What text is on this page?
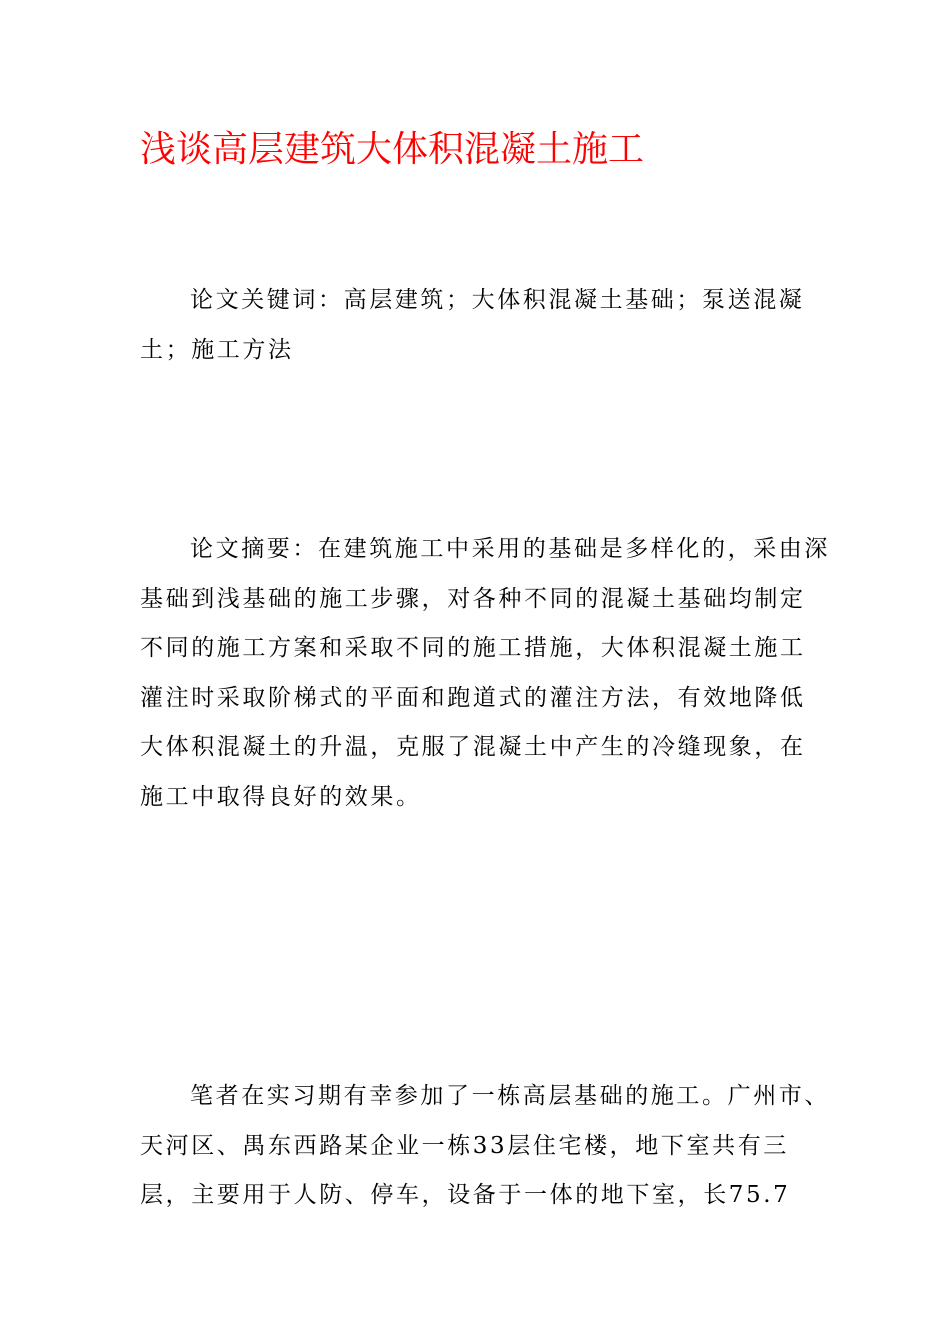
浅谈高层建筑大体积混凝土施工

论文关键词：高层建筑；大体积混凝土基础；泵送混凝土；施工方法

论文摘要：在建筑施工中采用的基础是多样化的，采由深基础到浅基础的施工步骤，对各种不同的混凝土基础均制定不同的施工方案和采取不同的施工措施，大体积混凝土施工灌注时采取阶梯式的平面和跑道式的灌注方法，有效地降低大体积混凝土的升温，克服了混凝土中产生的冷缝现象，在施工中取得良好的效果。

笔者在实习期有幸参加了一栋高层基础的施工。广州市、天河区、禺东西路某企业一栋33层住宅楼，地下室共有三层，主要用于人防、停车，设备于一体的地下室，长75.7
